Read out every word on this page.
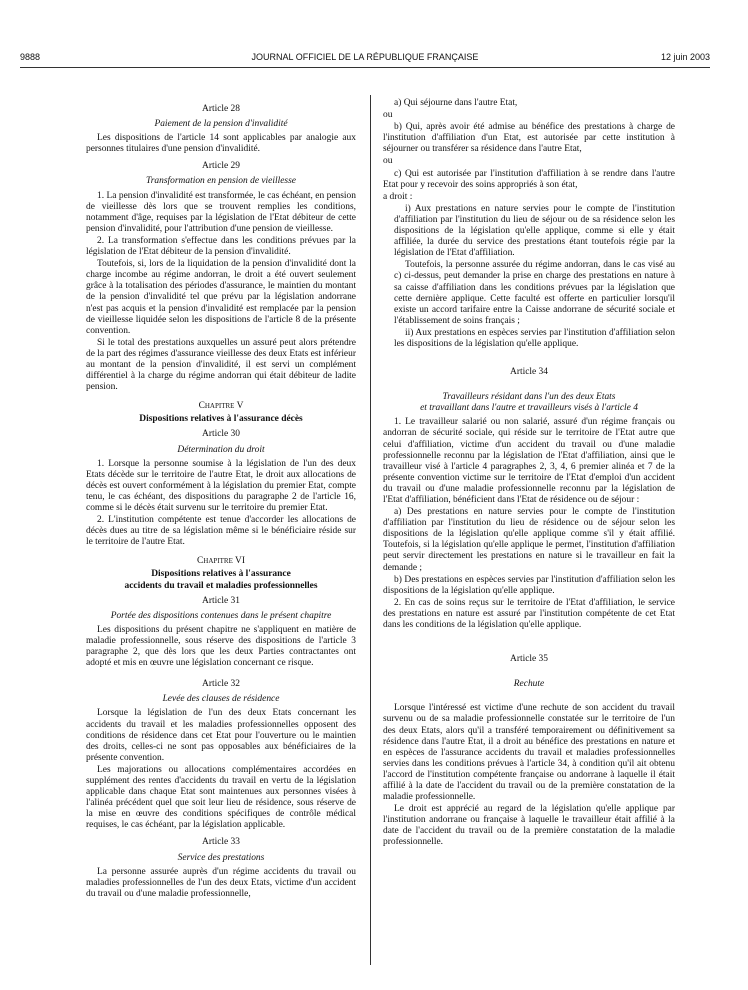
9888	JOURNAL OFFICIEL DE LA RÉPUBLIQUE FRANÇAISE	12 juin 2003
Article 28
Paiement de la pension d'invalidité

Les dispositions de l'article 14 sont applicables par analogie aux personnes titulaires d'une pension d'invalidité.

Article 29
Transformation en pension de vieillesse

1. La pension d'invalidité est transformée, le cas échéant, en pension de vieillesse dès lors que se trouvent remplies les conditions, notamment d'âge, requises par la législation de l'Etat débiteur de cette pension d'invalidité, pour l'attribution d'une pension de vieillesse.

2. La transformation s'effectue dans les conditions prévues par la législation de l'Etat débiteur de la pension d'invalidité.

Toutefois, si, lors de la liquidation de la pension d'invalidité dont la charge incombe au régime andorran, le droit a été ouvert seulement grâce à la totalisation des périodes d'assurance, le maintien du montant de la pension d'invalidité tel que prévu par la législation andorrane n'est pas acquis et la pension d'invalidité est remplacée par la pension de vieillesse liquidée selon les dispositions de l'article 8 de la présente convention.

Si le total des prestations auxquelles un assuré peut alors prétendre de la part des régimes d'assurance vieillesse des deux Etats est inférieur au montant de la pension d'invalidité, il est servi un complément différentiel à la charge du régime andorran qui était débiteur de ladite pension.

Chapitre V
Dispositions relatives à l'assurance décès
Article 30
Détermination du droit

1. Lorsque la personne soumise à la législation de l'un des deux Etats décède sur le territoire de l'autre Etat, le droit aux allocations de décès est ouvert conformément à la législation du premier Etat, compte tenu, le cas échéant, des dispositions du paragraphe 2 de l'article 16, comme si le décès était survenu sur le territoire du premier Etat.

2. L'institution compétente est tenue d'accorder les allocations de décès dues au titre de sa législation même si le bénéficiaire réside sur le territoire de l'autre Etat.

Chapitre VI
Dispositions relatives à l'assurance
accidents du travail et maladies professionnelles
Article 31
Portée des dispositions contenues dans le présent chapitre

Les dispositions du présent chapitre ne s'appliquent en matière de maladie professionnelle, sous réserve des dispositions de l'article 3 paragraphe 2, que dès lors que les deux Parties contractantes ont adopté et mis en œuvre une législation concernant ce risque.

Article 32
Levée des clauses de résidence

Lorsque la législation de l'un des deux Etats concernant les accidents du travail et les maladies professionnelles opposent des conditions de résidence dans cet Etat pour l'ouverture ou le maintien des droits, celles-ci ne sont pas opposables aux bénéficiaires de la présente convention.

Les majorations ou allocations complémentaires accordées en supplément des rentes d'accidents du travail en vertu de la législation applicable dans chaque Etat sont maintenues aux personnes visées à l'alinéa précédent quel que soit leur lieu de résidence, sous réserve de la mise en œuvre des conditions spécifiques de contrôle médical requises, le cas échéant, par la législation applicable.

Article 33
Service des prestations

La personne assurée auprès d'un régime accidents du travail ou maladies professionnelles de l'un des deux Etats, victime d'un accident du travail ou d'une maladie professionnelle,

a) Qui séjourne dans l'autre Etat,

ou

b) Qui, après avoir été admise au bénéfice des prestations à charge de l'institution d'affiliation d'un Etat, est autorisée par cette institution à séjourner ou transférer sa résidence dans l'autre Etat,

ou

c) Qui est autorisée par l'institution d'affiliation à se rendre dans l'autre Etat pour y recevoir des soins appropriés à son état,

a droit :

i) Aux prestations en nature servies pour le compte de l'institution d'affiliation par l'institution du lieu de séjour ou de sa résidence selon les dispositions de la législation qu'elle applique, comme si elle y était affiliée, la durée du service des prestations étant toutefois régie par la législation de l'Etat d'affiliation.

Toutefois, la personne assurée du régime andorran, dans le cas visé au c) ci-dessus, peut demander la prise en charge des prestations en nature à sa caisse d'affiliation dans les conditions prévues par la législation que cette dernière applique. Cette faculté est offerte en particulier lorsqu'il existe un accord tarifaire entre la Caisse andorrane de sécurité sociale et l'établissement de soins français ;

ii) Aux prestations en espèces servies par l'institution d'affiliation selon les dispositions de la législation qu'elle applique.

Article 34
Travailleurs résidant dans l'un des deux Etats
et travaillant dans l'autre et travailleurs visés à l'article 4

1. Le travailleur salarié ou non salarié, assuré d'un régime français ou andorran de sécurité sociale, qui réside sur le territoire de l'Etat autre que celui d'affiliation, victime d'un accident du travail ou d'une maladie professionnelle reconnu par la législation de l'Etat d'affiliation, ainsi que le travailleur visé à l'article 4 paragraphes 2, 3, 4, 6 premier alinéa et 7 de la présente convention victime sur le territoire de l'Etat d'emploi d'un accident du travail ou d'une maladie professionnelle reconnu par la législation de l'Etat d'affiliation, bénéficient dans l'Etat de résidence ou de séjour :

a) Des prestations en nature servies pour le compte de l'institution d'affiliation par l'institution du lieu de résidence ou de séjour selon les dispositions de la législation qu'elle applique comme s'il y était affilié. Toutefois, si la législation qu'elle applique le permet, l'institution d'affiliation peut servir directement les prestations en nature si le travailleur en fait la demande ;

b) Des prestations en espèces servies par l'institution d'affiliation selon les dispositions de la législation qu'elle applique.

2. En cas de soins reçus sur le territoire de l'Etat d'affiliation, le service des prestations en nature est assuré par l'institution compétente de cet Etat dans les conditions de la législation qu'elle applique.

Article 35
Rechute

Lorsque l'intéressé est victime d'une rechute de son accident du travail survenu ou de sa maladie professionnelle constatée sur le territoire de l'un des deux Etats, alors qu'il a transféré temporairement ou définitivement sa résidence dans l'autre Etat, il a droit au bénéfice des prestations en nature et en espèces de l'assurance accidents du travail et maladies professionnelles servies dans les conditions prévues à l'article 34, à condition qu'il ait obtenu l'accord de l'institution compétente française ou andorrane à laquelle il était affilié à la date de l'accident du travail ou de la première constatation de la maladie professionnelle.

Le droit est apprécié au regard de la législation qu'elle applique par l'institution andorrane ou française à laquelle le travailleur était affilié à la date de l'accident du travail ou de la première constatation de la maladie professionnelle.
